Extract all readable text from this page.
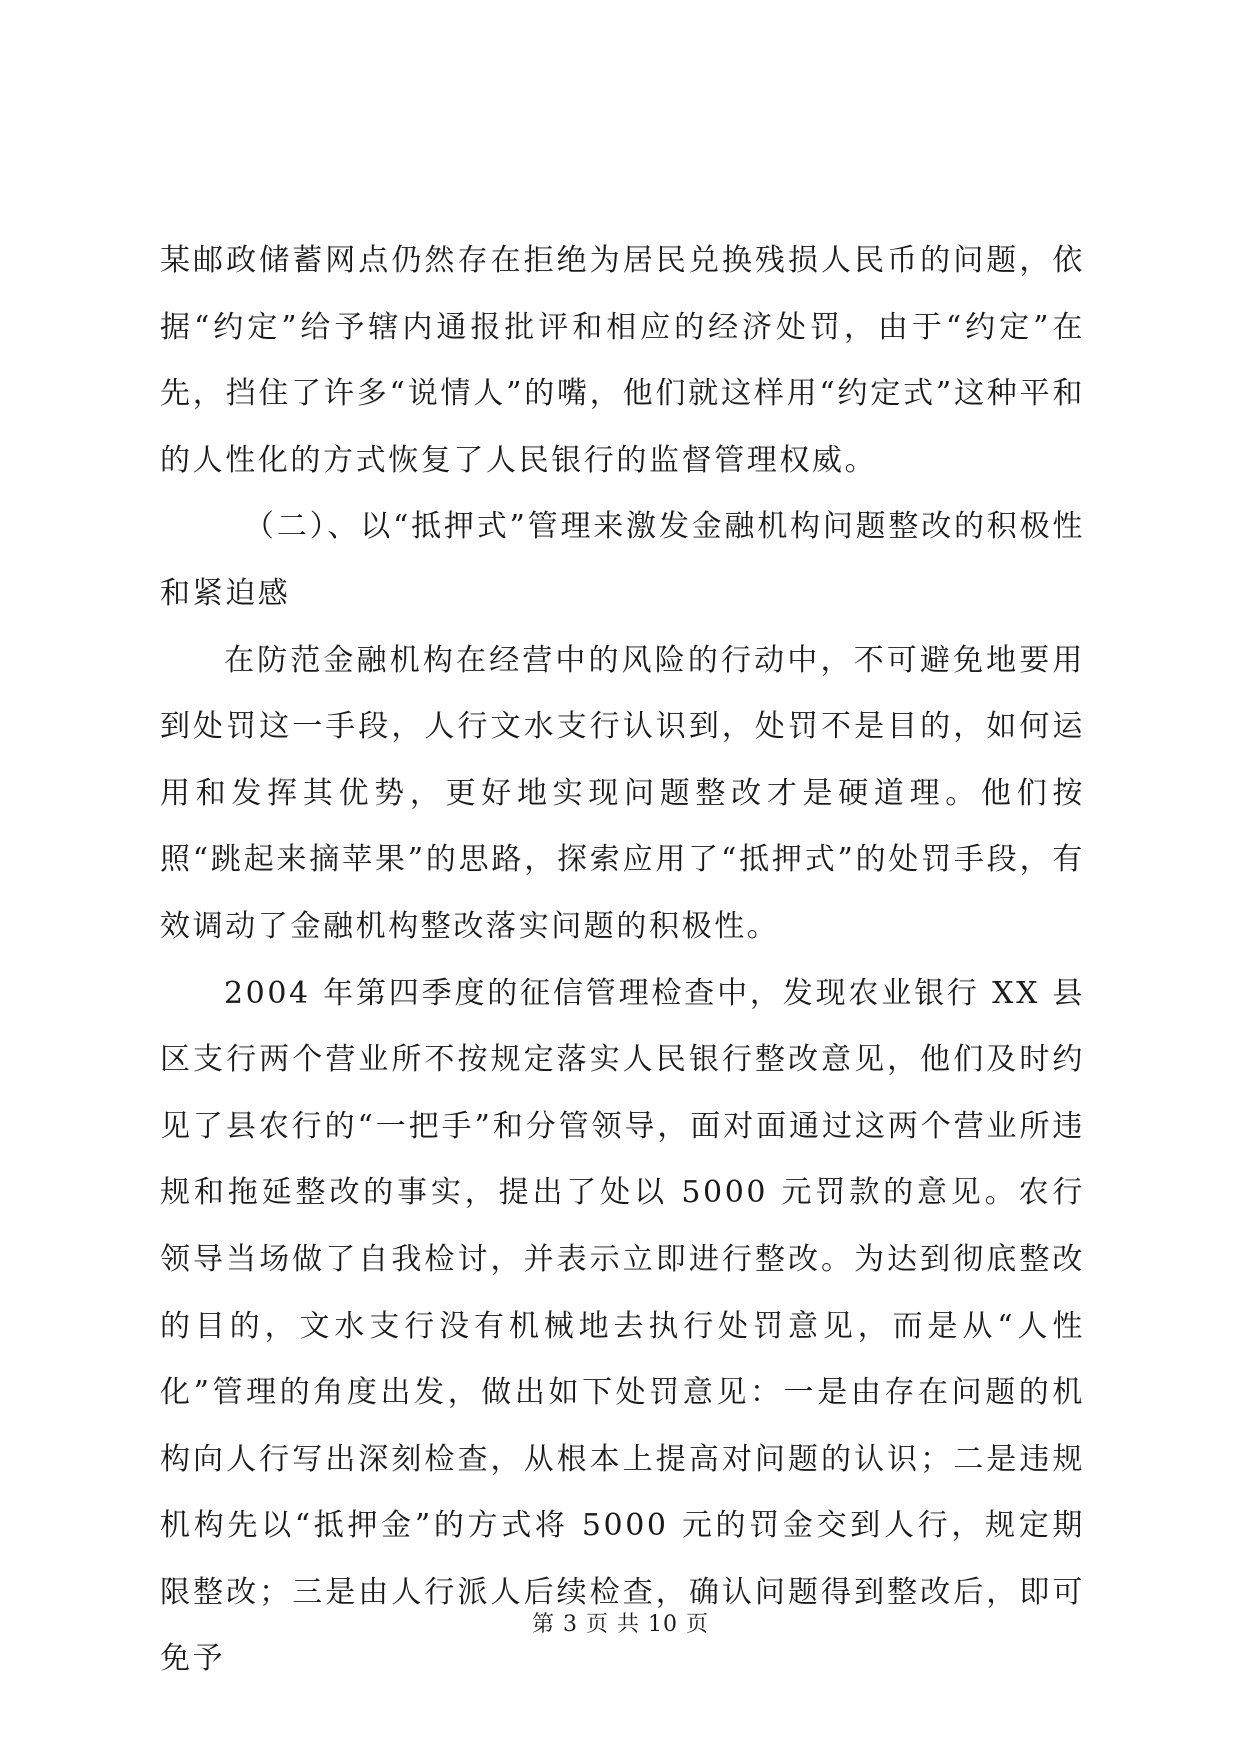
某邮政储蓄网点仍然存在拒绝为居民兑换残损人民币的问题，依据“约定”给予辖内通报批评和相应的经济处罚，由于“约定”在先，挡住了许多“说情人”的嘴，他们就这样用“约定式”这种平和的人性化的方式恢复了人民银行的监督管理权威。

（二）、以“抵押式”管理来激发金融机构问题整改的积极性和紧迫感

在防范金融机构在经营中的风险的行动中，不可避免地要用到处罚这一手段，人行文水支行认识到，处罚不是目的，如何运用和发挥其优势，更好地实现问题整改才是硬道理。他们按照“跳起来摘苹果”的思路，探索应用了“抵押式”的处罚手段，有效调动了金融机构整改落实问题的积极性。

2004 年第四季度的征信管理检查中，发现农业银行 XX 县区支行两个营业所不按规定落实人民银行整改意见，他们及时约见了县农行的“一把手”和分管领导，面对面通过这两个营业所违规和拖延整改的事实，提出了处以 5000 元罚款的意见。农行领导当场做了自我检讨，并表示立即进行整改。为达到彻底整改的目的，文水支行没有机械地去执行处罚意见，而是从“人性化”管理的角度出发，做出如下处罚意见：一是由存在问题的机构向人行写出深刻检查，从根本上提高对问题的认识；二是违规机构先以“抵押金”的方式将 5000 元的罚金交到人行，规定期限整改；三是由人行派人后续检查，确认问题得到整改后，即可免予

第 3 页 共 10 页
